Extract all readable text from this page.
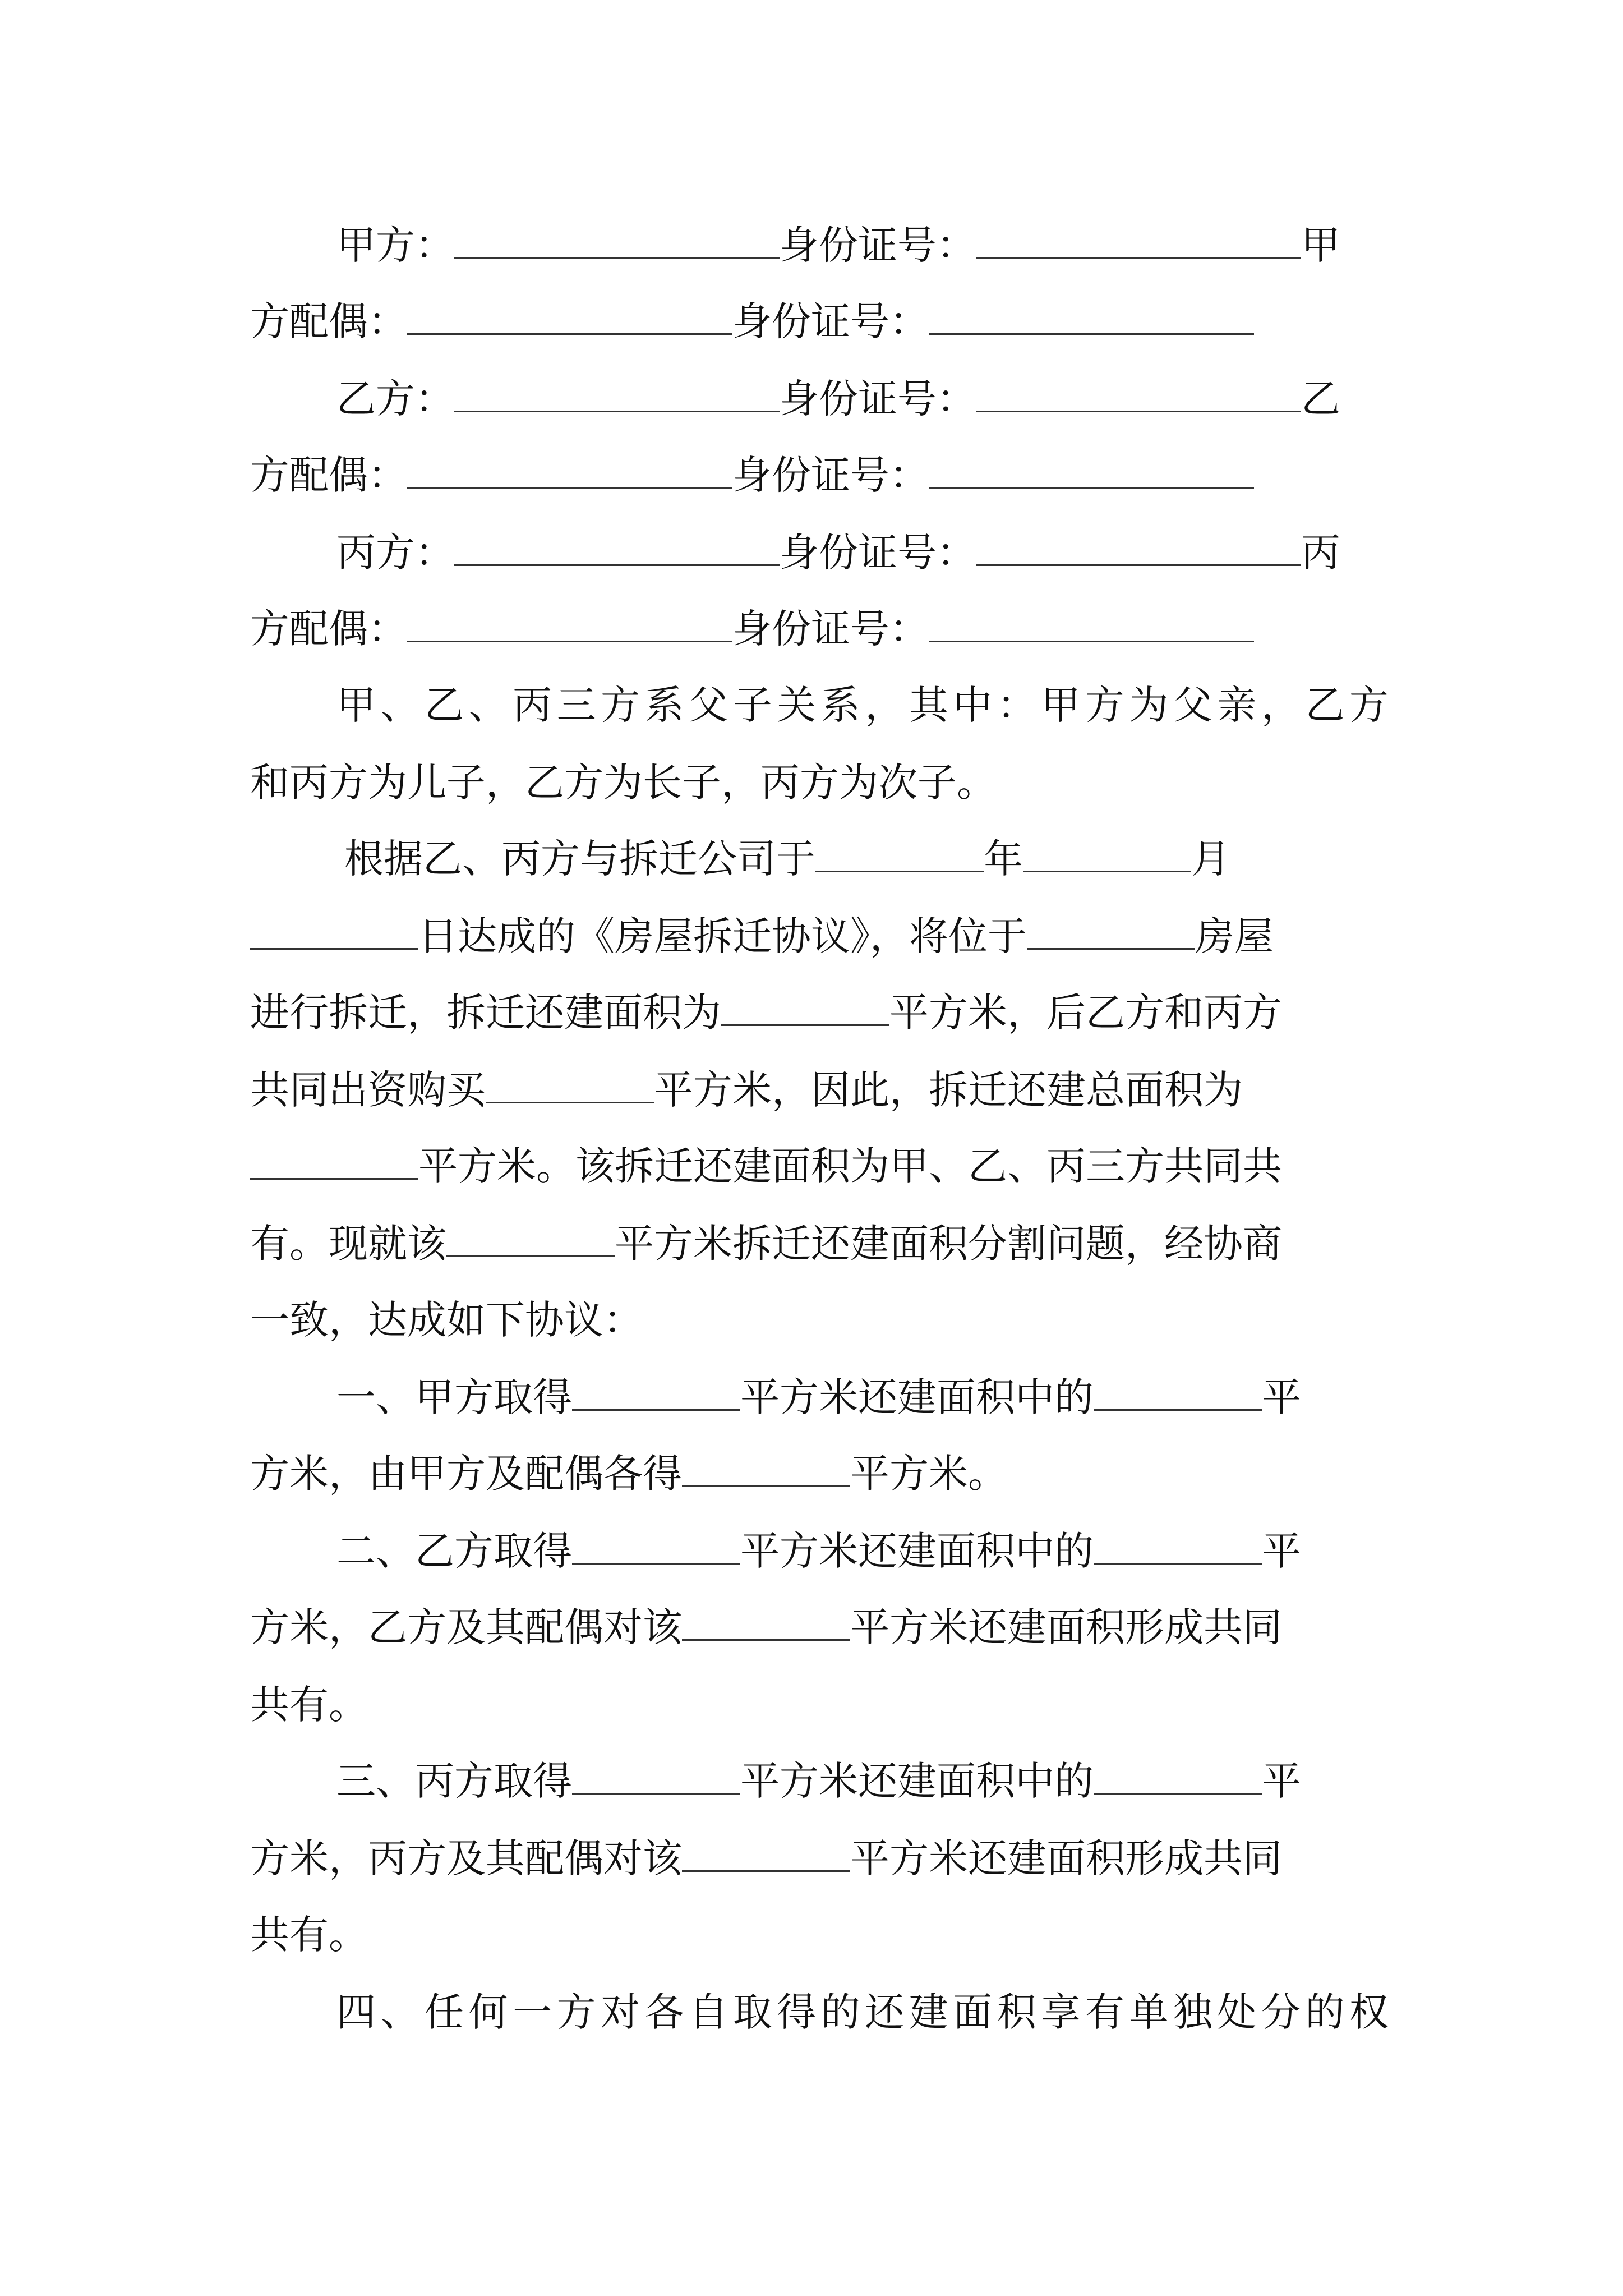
甲方：	身份证号：	甲
方配偶：	身份证号：
乙方：	身份证号：	乙
方配偶：	身份证号：
丙方：	身份证号：	丙
方配偶：	身份证号：
甲、乙、丙三方系父子关系，其中：甲方为父亲，乙方
和丙方为儿子，乙方为长子，丙方为次子。
根据乙、丙方与拆迁公司于	年	月
日达成的《房屋拆迁协议》，将位于	房屋
进行拆迁，拆迁还建面积为	平方米，后乙方和丙方
共同出资购买	平方米，因此，拆迁还建总面积为
平方米。该拆迁还建面积为甲、乙、丙三方共同共
有。现就该	平方米拆迁还建面积分割问题，经协商
一致，达成如下协议：
一、甲方取得	平方米还建面积中的	平
方米，由甲方及配偶各得	平方米。
二、乙方取得	平方米还建面积中的	平
方米，乙方及其配偶对该	平方米还建面积形成共同
共有。
三、丙方取得	平方米还建面积中的	平
方米，丙方及其配偶对该	平方米还建面积形成共同
共有。
四、任何一方对各自取得的还建面积享有单独处分的权
